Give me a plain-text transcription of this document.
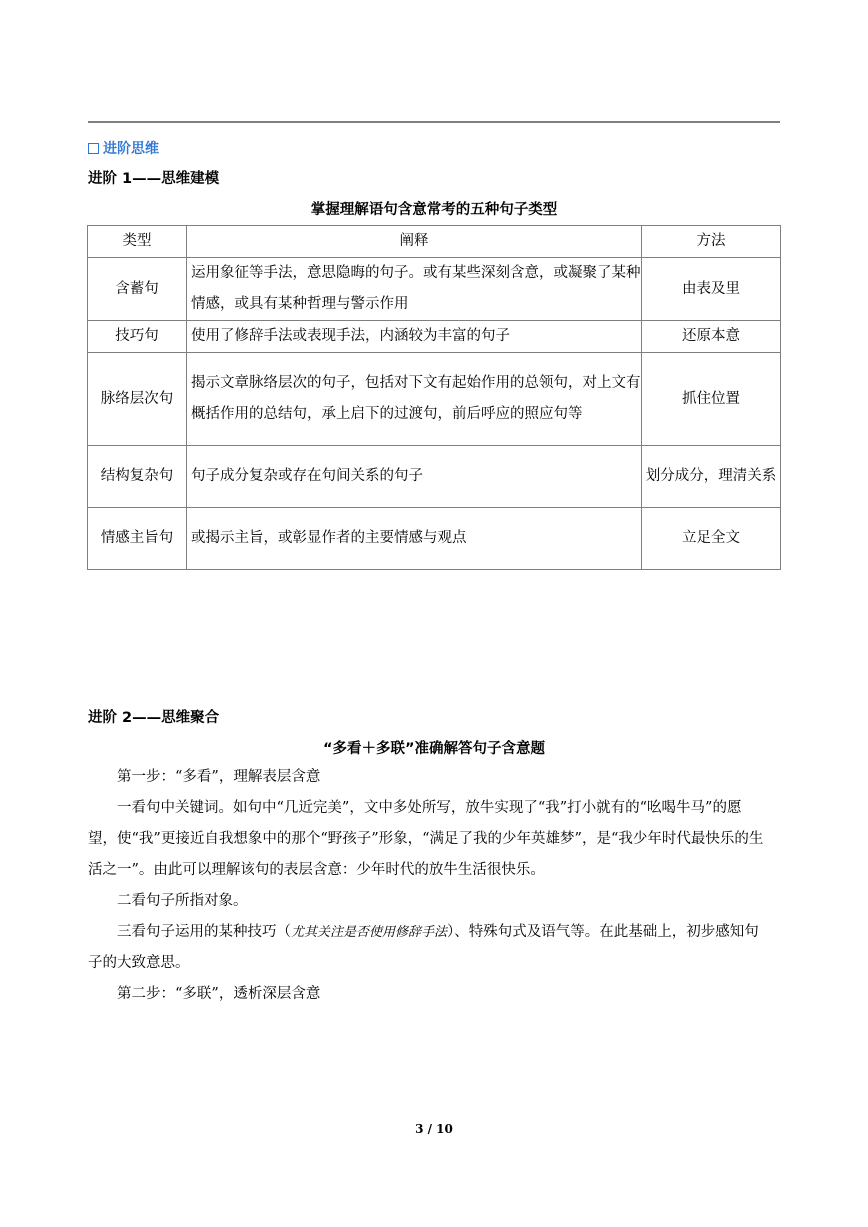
进阶思维
进阶 1——思维建模
掌握理解语句含意常考的五种句子类型
类型	阐释	方法
含蓄句	运用象征等手法，意思隐晦的句子。或有某些深刻含意，或凝聚了某种情感，或具有某种哲理与警示作用	由表及里
技巧句	使用了修辞手法或表现手法，内涵较为丰富的句子	还原本意
脉络层次句	揭示文章脉络层次的句子，包括对下文有起始作用的总领句，对上文有概括作用的总结句，承上启下的过渡句，前后呼应的照应句等	抓住位置
结构复杂句	句子成分复杂或存在句间关系的句子	划分成分，理清关系
情感主旨句	或揭示主旨，或彰显作者的主要情感与观点	立足全文
进阶 2——思维聚合
“多看＋多联”准确解答句子含意题

第一步：“多看”，理解表层含意

一看句中关键词。如句中“几近完美”，文中多处所写，放牛实现了“我”打小就有的“吆喝牛马”的愿望，使“我”更接近自我想象中的那个“野孩子”形象，“满足了我的少年英雄梦”，是“我少年时代最快乐的生活之一”。由此可以理解该句的表层含意：少年时代的放牛生活很快乐。

二看句子所指对象。

三看句子运用的某种技巧（尤其关注是否使用修辞手法）、特殊句式及语气等。在此基础上，初步感知句子的大致意思。

第二步：“多联”，透析深层含意

3 / 10
